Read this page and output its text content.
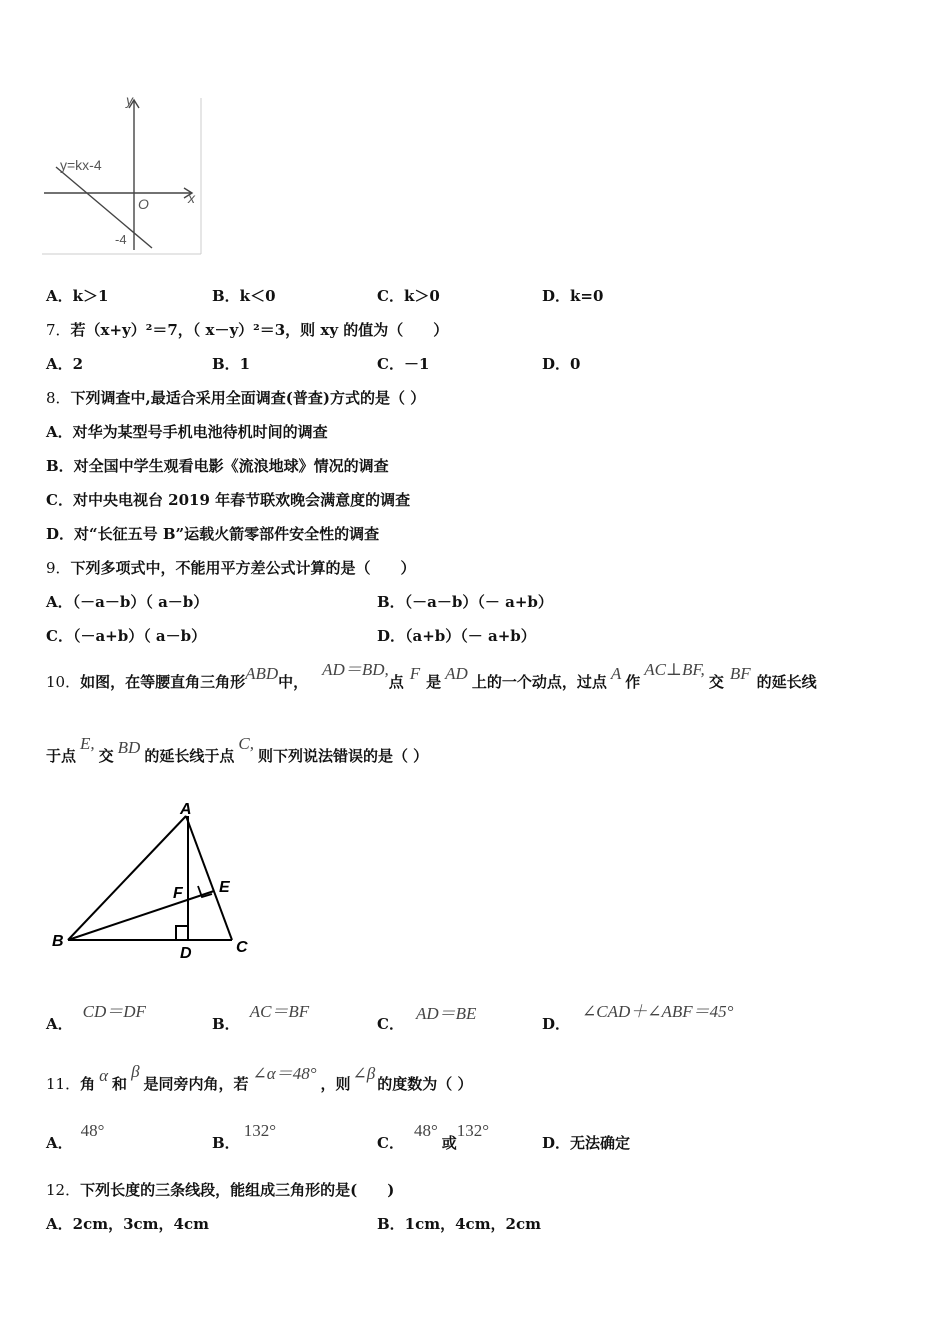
y
x
O
y=kx-4
-4
A．k＞1	B．k＜0	C．k＞0	D．k=0
7．若（x+y）²＝7，（ x－y）²＝3，则 xy 的值为（　　）
A．2	B．1	C．－1	D．0
8．下列调查中,最适合采用全面调查(普查)方式的是（ ）
A．对华为某型号手机电池待机时间的调查
B．对全国中学生观看电影《流浪地球》情况的调查
C．对中央电视台 2019 年春节联欢晚会满意度的调查
D．对“长征五号 B”运载火箭零部件安全性的调查
9．下列多项式中，不能用平方差公式计算的是（　　）
A．（－a－b）（ a－b）	B．（－a－b）（－ a+b）
C．（－a+b）（ a－b）	D．（a+b）（－ a+b）
10．如图，在等腰直角三角形ABD中，AD＝BD,点 F 是 AD 上的一个动点，过点 A 作AC⊥BF,交 BF 的延长线
于点E,交 BD 的延长线于点C,则下列说法错误的是（ ）
A
B	C
D
E
F
A．CD＝DF
B．AC＝BF
C．AD＝BE
D．∠CAD＋∠ABF＝45°
11．角 α 和β是同旁内角，若∠α＝48°，则∠β的度数为（ ）
A．48°
B．132°
C．48°或132°
D．无法确定
12．下列长度的三条线段，能组成三角形的是(　　)
A．2cm，3cm，4cm	B．1cm，4cm，2cm
